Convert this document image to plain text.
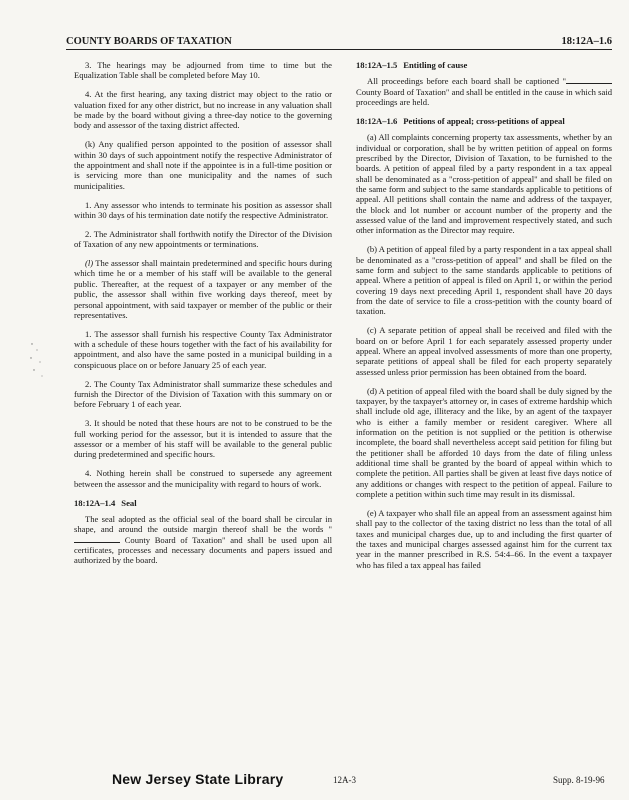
COUNTY BOARDS OF TAXATION	18:12A–1.6

3. The hearings may be adjourned from time to time but the Equalization Table shall be completed before May 10.

4. At the first hearing, any taxing district may object to the ratio or valuation fixed for any other district, but no increase in any valuation shall be made by the board without giving a three-day notice to the governing body and assessor of the taxing district affected.

(k) Any qualified person appointed to the position of assessor shall within 30 days of such appointment notify the respective Administrator of the appointment and shall note if the appointee is in a full-time position or is servicing more than one municipality and the names of such municipalities.

1. Any assessor who intends to terminate his position as assessor shall within 30 days of his termination date notify the respective Administrator.

2. The Administrator shall forthwith notify the Director of the Division of Taxation of any new appointments or terminations.

(l) The assessor shall maintain predetermined and specific hours during which time he or a member of his staff will be available to the general public. Thereafter, at the request of a taxpayer or any member of the public, the assessor shall within five working days thereof, meet by personal appointment, with said taxpayer or member of the public or their representatives.

1. The assessor shall furnish his respective County Tax Administrator with a schedule of these hours together with the fact of his availability for appointment, and also have the same posted in a municipal building in a conspicuous place on or before January 25 of each year.

2. The County Tax Administrator shall summarize these schedules and furnish the Director of the Division of Taxation with this summary on or before February 1 of each year.

3. It should be noted that these hours are not to be construed to be the full working period for the assessor, but it is intended to assure that the assessor or a member of his staff will be available to the general public during predetermined and specific hours.

4. Nothing herein shall be construed to supersede any agreement between the assessor and the municipality with regard to hours of work.

18:12A–1.4 Seal

The seal adopted as the official seal of the board shall be circular in shape, and around the outside margin thereof shall be the words " County Board of Taxation" and shall be used upon all certificates, processes and necessary documents and papers issued and authorized by the board.

18:12A–1.5 Entitling of cause

All proceedings before each board shall be captioned " County Board of Taxation" and shall be entitled in the cause in which said proceedings are held.

18:12A–1.6 Petitions of appeal; cross-petitions of appeal

(a) All complaints concerning property tax assessments, whether by an individual or corporation, shall be by written petition of appeal on forms prescribed by the Director, Division of Taxation, to be furnished to the boards. A petition of appeal filed by a party respondent in a tax appeal shall be denominated as a "cross-petition of appeal" and shall be filed on the same form and subject to the same standards applicable to petitions of appeal. All petitions shall contain the name and address of the taxpayer, the block and lot number or account number of the property and the assessed value of the land and improvement respectively stated, and such other information as the Director may require.

(b) A petition of appeal filed by a party respondent in a tax appeal shall be denominated as a "cross-petition of appeal" and shall be filed on the same form and subject to the same standards applicable to petitions of appeal. Where a petition of appeal is filed on April 1, or within the period covering 19 days next preceding April 1, respondent shall have 20 days from the date of service to file a cross-petition with the county board of taxation.

(c) A separate petition of appeal shall be received and filed with the board on or before April 1 for each separately assessed property under appeal. Where an appeal involved assessments of more than one property, separate petitions of appeal shall be filed for each property separately assessed unless prior permission has been obtained from the board.

(d) A petition of appeal filed with the board shall be duly signed by the taxpayer, by the taxpayer's attorney or, in cases of extreme hardship which shall include old age, illiteracy and the like, by an agent of the taxpayer who is either a family member or resident caregiver. Where all information on the petition is not supplied or the petition is otherwise incomplete, the board shall nevertheless accept said petition for filing but the petitioner shall be afforded 10 days from the date of filing unless additional time shall be granted by the board of appeal within which to complete the petition. All parties shall be given at least five days notice of any additions or changes with respect to the petition of appeal. Failure to complete a petition within such time may result in its dismissal.

(e) A taxpayer who shall file an appeal from an assessment against him shall pay to the collector of the taxing district no less than the total of all taxes and municipal charges due, up to and including the first quarter of the taxes and municipal charges assessed against him for the current tax year in the manner prescribed in R.S. 54:4–66. In the event a taxpayer who has filed a tax appeal has failed

New Jersey State Library	12A-3	Supp. 8-19-96
